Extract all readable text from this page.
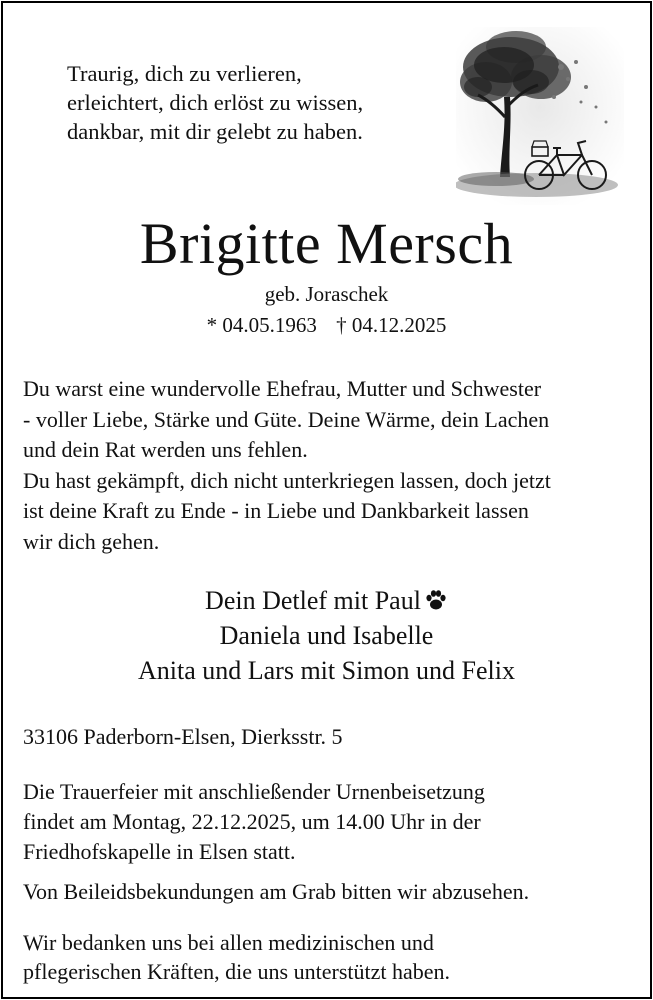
Traurig, dich zu verlieren,
erleichtert, dich erlöst zu wissen,
dankbar, mit dir gelebt zu haben.
Brigitte Mersch
geb. Joraschek
* 04.05.1963 † 04.12.2025
Du warst eine wundervolle Ehefrau, Mutter und Schwester
- voller Liebe, Stärke und Güte. Deine Wärme, dein Lachen
und dein Rat werden uns fehlen.
Du hast gekämpft, dich nicht unterkriegen lassen, doch jetzt
ist deine Kraft zu Ende - in Liebe und Dankbarkeit lassen
wir dich gehen.
Dein Detlef mit Paul
Daniela und Isabelle
Anita und Lars mit Simon und Felix
33106 Paderborn-Elsen, Dierksstr. 5
Die Trauerfeier mit anschließender Urnenbeisetzung
findet am Montag, 22.12.2025, um 14.00 Uhr in der
Friedhofskapelle in Elsen statt.
Von Beileidsbekundungen am Grab bitten wir abzusehen.
Wir bedanken uns bei allen medizinischen und
pflegerischen Kräften, die uns unterstützt haben.
